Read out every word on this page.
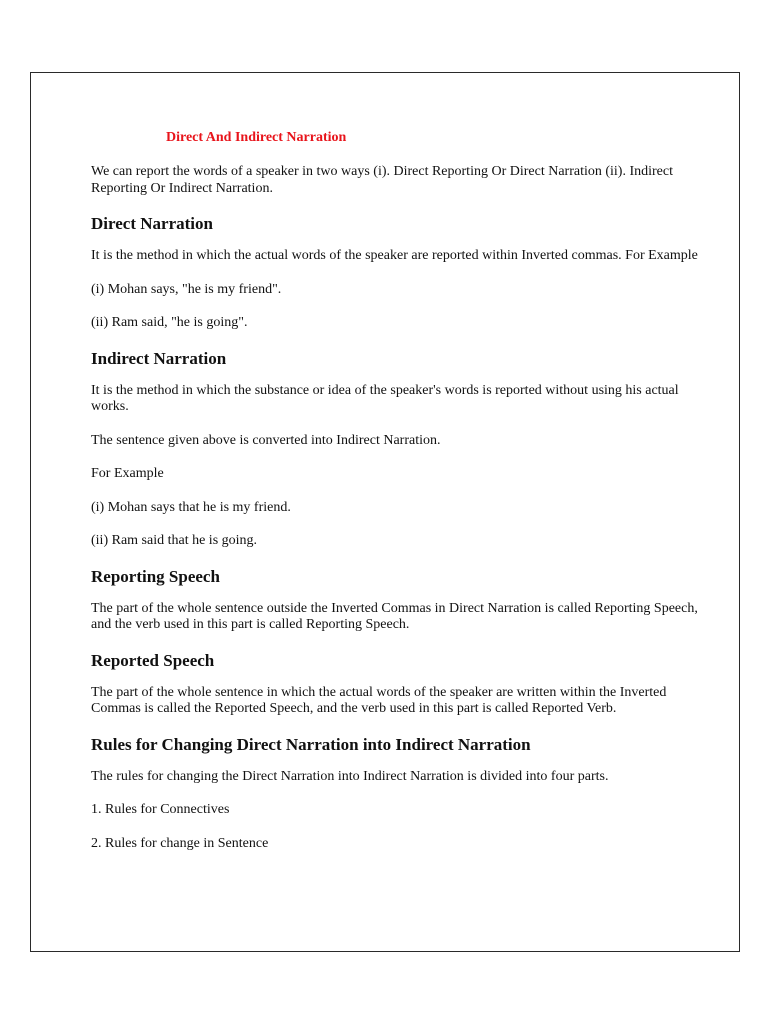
Direct And Indirect Narration

We can report the words of a speaker in two ways (i). Direct Reporting Or Direct Narration (ii). Indirect Reporting Or Indirect Narration.

Direct Narration

It is the method in which the actual words of the speaker are reported within Inverted commas. For Example

(i) Mohan says, "he is my friend".

(ii) Ram said, "he is going".

Indirect Narration

It is the method in which the substance or idea of the speaker's words is reported without using his actual works.

The sentence given above is converted into Indirect Narration.

For Example

(i) Mohan says that he is my friend.

(ii) Ram said that he is going.

Reporting Speech

The part of the whole sentence outside the Inverted Commas in Direct Narration is called Reporting Speech, and the verb used in this part is called Reporting Speech.

Reported Speech

The part of the whole sentence in which the actual words of the speaker are written within the Inverted Commas is called the Reported Speech, and the verb used in this part is called Reported Verb.

Rules for Changing Direct Narration into Indirect Narration

The rules for changing the Direct Narration into Indirect Narration is divided into four parts.

1. Rules for Connectives

2. Rules for change in Sentence
